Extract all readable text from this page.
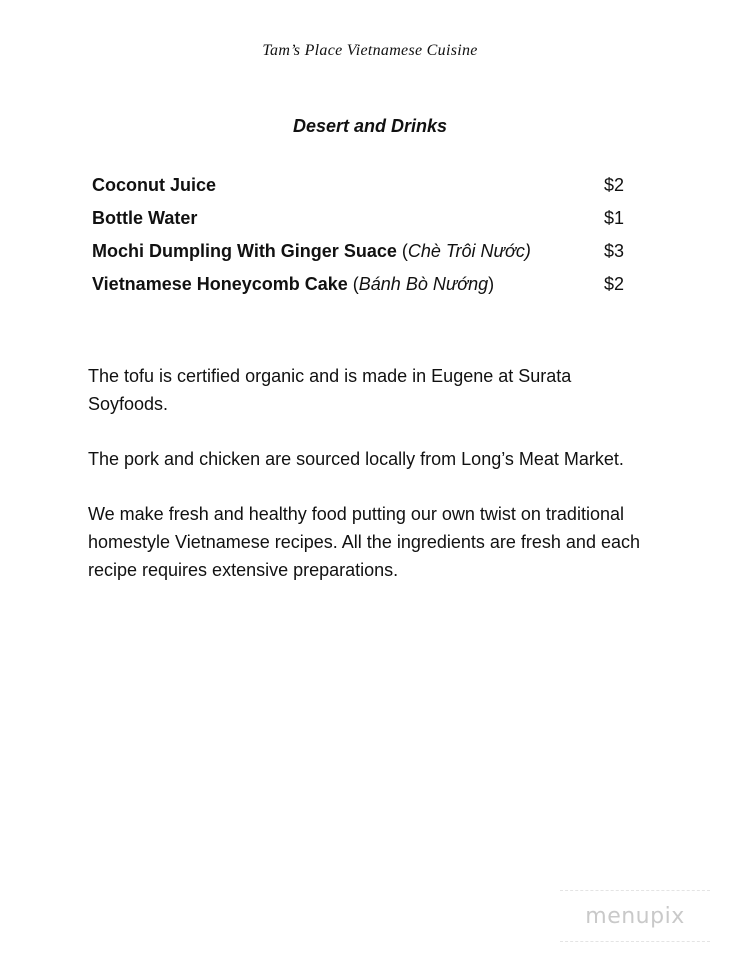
Tam’s Place Vietnamese Cuisine
Desert and Drinks
Coconut Juice	$2
Bottle Water	$1
Mochi Dumpling With Ginger Suace (Chè Trôi Nước)	$3
Vietnamese Honeycomb Cake (Bánh Bò Nướng)	$2

The tofu is certified organic and is made in Eugene at Surata Soyfoods.

The pork and chicken are sourced locally from Long’s Meat Market.

We make fresh and healthy food putting our own twist on traditional homestyle Vietnamese recipes. All the ingredients are fresh and each recipe requires extensive preparations.

menupix
